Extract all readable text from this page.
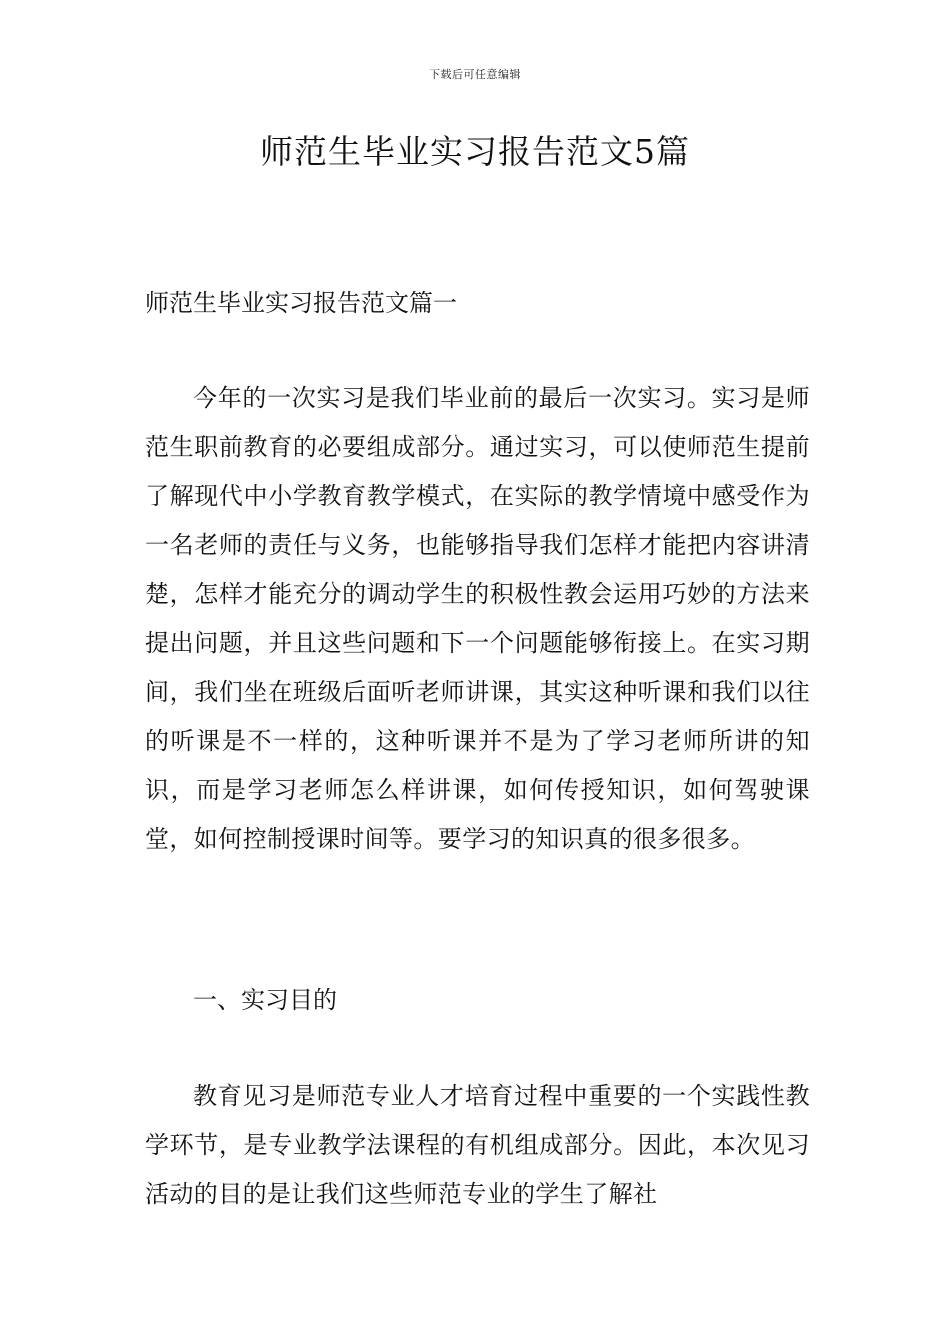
下载后可任意编辑
师范生毕业实习报告范文5篇
师范生毕业实习报告范文篇一

今年的一次实习是我们毕业前的最后一次实习。实习是师范生职前教育的必要组成部分。通过实习，可以使师范生提前了解现代中小学教育教学模式，在实际的教学情境中感受作为一名老师的责任与义务，也能够指导我们怎样才能把内容讲清楚，怎样才能充分的调动学生的积极性教会运用巧妙的方法来提出问题，并且这些问题和下一个问题能够衔接上。在实习期间，我们坐在班级后面听老师讲课，其实这种听课和我们以往的听课是不一样的，这种听课并不是为了学习老师所讲的知识，而是学习老师怎么样讲课，如何传授知识，如何驾驶课堂，如何控制授课时间等。要学习的知识真的很多很多。

一、实习目的

教育见习是师范专业人才培育过程中重要的一个实践性教学环节，是专业教学法课程的有机组成部分。因此，本次见习活动的目的是让我们这些师范专业的学生了解社
